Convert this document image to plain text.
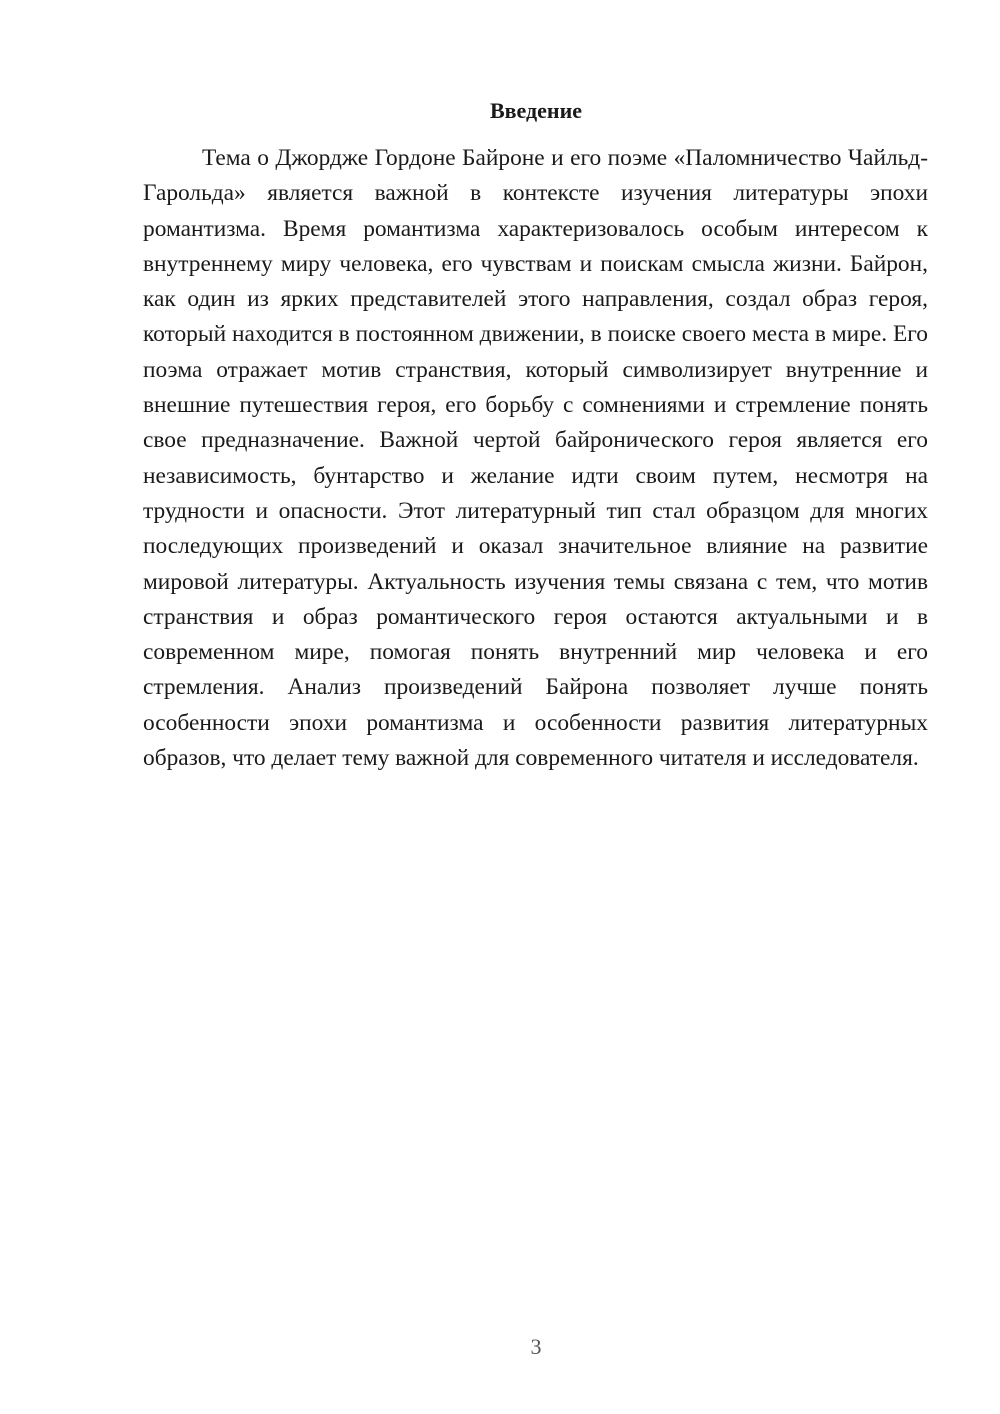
Введение

Тема о Джордже Гордоне Байроне и его поэме «Паломничество Чайльд-Гарольда» является важной в контексте изучения литературы эпохи романтизма. Время романтизма характеризовалось особым интересом к внутреннему миру человека, его чувствам и поискам смысла жизни. Байрон, как один из ярких представителей этого направления, создал образ героя, который находится в постоянном движении, в поиске своего места в мире. Его поэма отражает мотив странствия, который символизирует внутренние и внешние путешествия героя, его борьбу с сомнениями и стремление понять свое предназначение. Важной чертой байронического героя является его независимость, бунтарство и желание идти своим путем, несмотря на трудности и опасности. Этот литературный тип стал образцом для многих последующих произведений и оказал значительное влияние на развитие мировой литературы. Актуальность изучения темы связана с тем, что мотив странствия и образ романтического героя остаются актуальными и в современном мире, помогая понять внутренний мир человека и его стремления. Анализ произведений Байрона позволяет лучше понять особенности эпохи романтизма и особенности развития литературных образов, что делает тему важной для современного читателя и исследователя.

3
